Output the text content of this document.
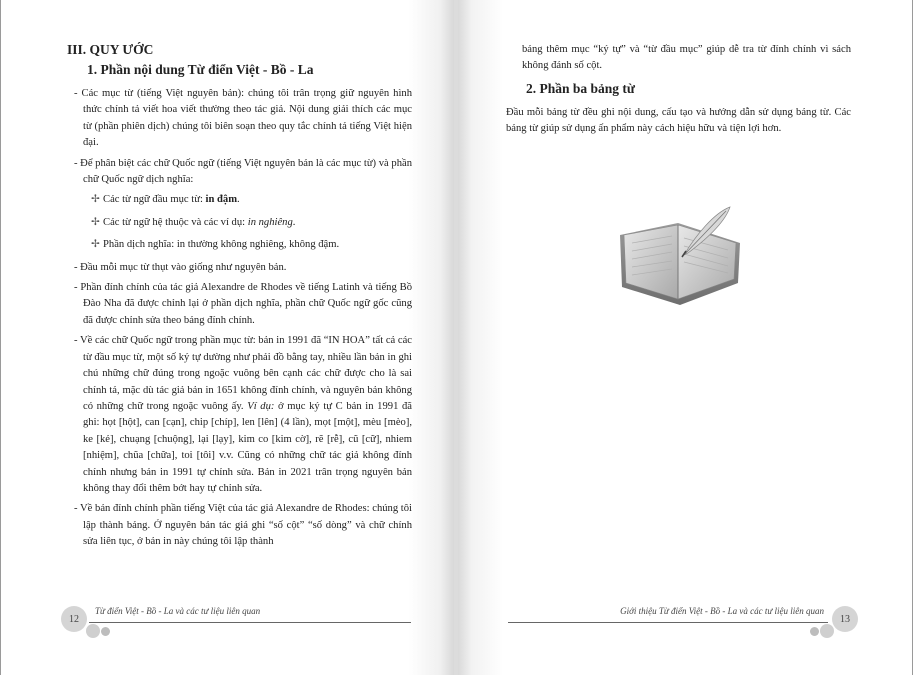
III. QUY ƯỚC
1. Phần nội dung Từ điển Việt - Bồ - La

- Các mục từ (tiếng Việt nguyên bản): chúng tôi trân trọng giữ nguyên hình thức chính tả viết hoa viết thường theo tác giả. Nội dung giải thích các mục từ (phần phiên dịch) chúng tôi biên soạn theo quy tắc chính tả tiếng Việt hiện đại.

- Để phân biệt các chữ Quốc ngữ (tiếng Việt nguyên bản là các mục từ) và phần chữ Quốc ngữ dịch nghĩa:

✢ Các từ ngữ đầu mục từ: in đậm.
✢ Các từ ngữ hệ thuộc và các ví dụ: in nghiêng.
✢ Phần dịch nghĩa: in thường không nghiêng, không đậm.

- Đầu mỗi mục từ thụt vào giống như nguyên bản.

- Phần đính chính của tác giả Alexandre de Rhodes về tiếng Latinh và tiếng Bồ Đào Nha đã được chỉnh lại ở phần dịch nghĩa, phần chữ Quốc ngữ gốc cũng đã được chỉnh sửa theo bảng đính chính.

- Về các chữ Quốc ngữ trong phần mục từ: bản in 1991 đã “IN HOA” tất cả các từ đầu mục từ, một số ký tự dường như phải đồ bằng tay, nhiều lần bản in ghi chú những chữ đúng trong ngoặc vuông bên cạnh các chữ được cho là sai chính tả, mặc dù tác giả bản in 1651 không đính chính, và nguyên bản không có những chữ trong ngoặc vuông ấy. Ví dụ: ở mục ký tự C bản in 1991 đã ghi: họt [hột], can [cạn], chip [chíp], len [lên] (4 lần), mọt [một], mèu [mèo], ke [kẻ], chuạng [chuộng], lại [lạy], kim co [kim cờ], rẽ [rễ], cũ [cữ], nhiem [nhiệm], chũa [chữa], toi [tôi] v.v. Cũng có những chữ tác giả không đính chính nhưng bản in 1991 tự chỉnh sửa. Bản in 2021 trân trọng nguyên bản không thay đổi thêm bớt hay tự chỉnh sửa.

- Về bản đính chính phần tiếng Việt của tác giả Alexandre de Rhodes: chúng tôi lập thành bảng. Ở nguyên bản tác giả ghi “số cột” “số dòng” và chữ chính sửa liên tục, ở bản in này chúng tôi lập thành

12
Từ điển Việt - Bồ - La và các tư liệu liên quan

bảng thêm mục “ký tự” và “từ đầu mục” giúp dễ tra từ đính chính vì sách không đánh số cột.

2. Phần ba bảng từ

Đầu mỗi bảng từ đều ghi nội dung, cấu tạo và hướng dẫn sử dụng bảng từ. Các bảng từ giúp sử dụng ấn phẩm này cách hiệu hữu và tiện lợi hơn.

Giới thiệu Từ điển Việt - Bồ - La và các tư liệu liên quan
13
